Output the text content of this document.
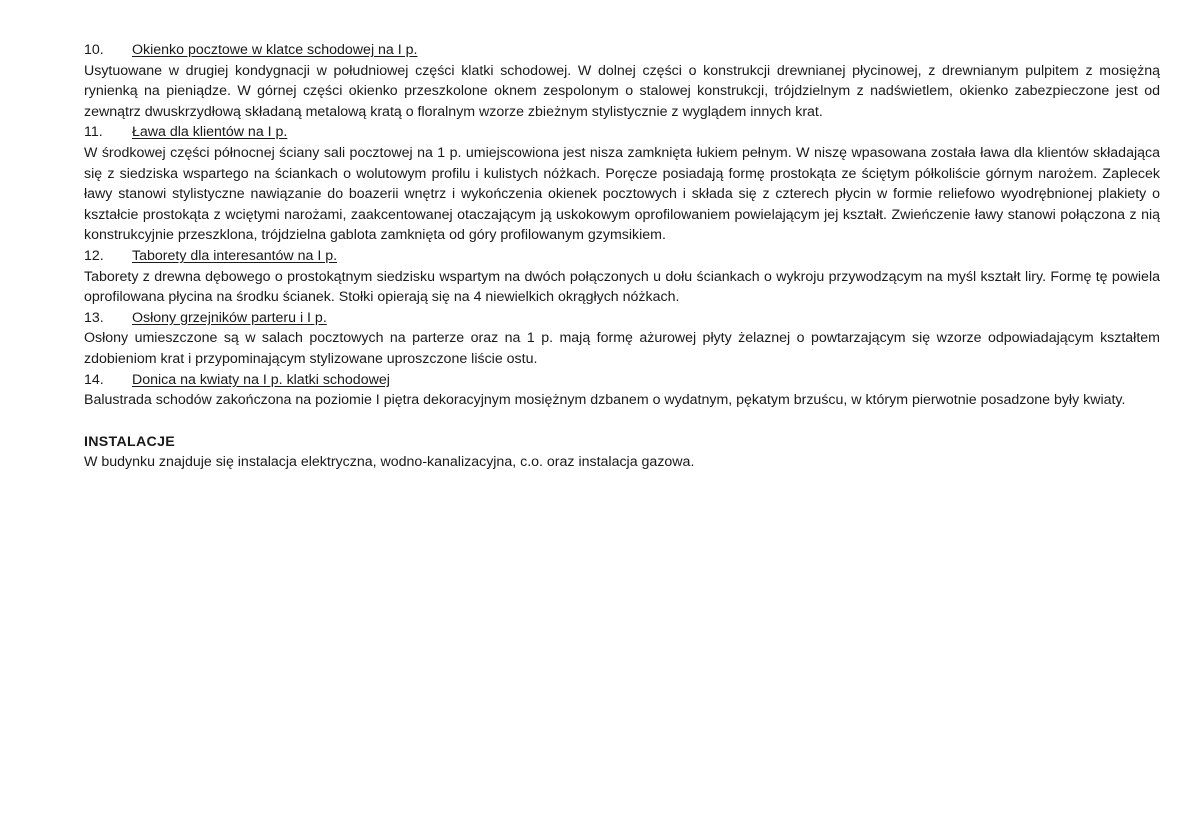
10.	Okienko pocztowe w klatce schodowej na I p.
Usytuowane w drugiej kondygnacji w południowej części klatki schodowej. W dolnej części o konstrukcji drewnianej płycinowej, z drewnianym pulpitem z mosiężną rynienką na pieniądze. W górnej części okienko przeszkolone oknem zespolonym o stalowej konstrukcji, trójdzielnym z nadświetlem, okienko zabezpieczone jest od zewnątrz dwuskrzydłową składaną metalową kratą o floralnym wzorze zbieżnym stylistycznie z wyglądem innych krat.
11.	Ława dla klientów na I p.
W środkowej części północnej ściany sali pocztowej na 1 p. umiejscowiona jest nisza zamknięta łukiem pełnym. W niszę wpasowana została ława dla klientów składająca się z siedziska wspartego na ściankach o wolutowym profilu i kulistych nóżkach. Poręcze posiadają formę prostokąta ze ściętym półkoliście górnym narożem. Zaplecek ławy stanowi stylistyczne nawiązanie do boazerii wnętrz i wykończenia okienek pocztowych i składa się z czterech płycin w formie reliefowo wyodrębnionej plakiety o kształcie prostokąta z wciętymi narożami, zaakcentowanej otaczającym ją uskokowym oprofilowaniem powielającym jej kształt. Zwieńczenie ławy stanowi połączona z nią konstrukcyjnie przeszklona, trójdzielna gablota zamknięta od góry profilowanym gzymsikiem.
12.	Taborety dla interesantów na I p.
Taborety z drewna dębowego o prostokątnym siedzisku wspartym na dwóch połączonych u dołu ściankach o wykroju przywodzącym na myśl kształt liry. Formę tę powiela oprofilowana płycina na środku ścianek. Stołki opierają się na 4 niewielkich okrągłych nóżkach.
13.	Osłony grzejników parteru i I p.
Osłony umieszczone są w salach pocztowych na parterze oraz na 1 p. mają formę ażurowej płyty żelaznej o powtarzającym się wzorze odpowiadającym kształtem zdobieniom krat i przypominającym stylizowane uproszczone liście ostu.
14.	Donica na kwiaty na I p. klatki schodowej
Balustrada schodów zakończona na poziomie I piętra dekoracyjnym mosiężnym dzbanem o wydatnym, pękatym brzuścu, w którym pierwotnie posadzone były kwiaty.
INSTALACJE
W budynku znajduje się instalacja elektryczna, wodno-kanalizacyjna, c.o. oraz instalacja gazowa.
